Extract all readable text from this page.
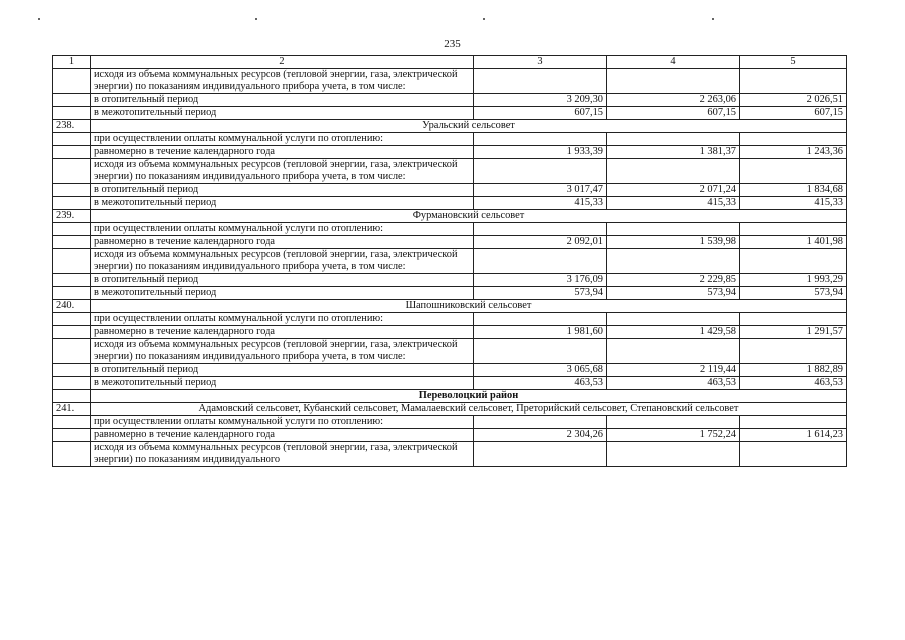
235
1	2	3	4	5
	исходя из объема коммунальных ресурсов (тепловой энергии, газа, электрической энергии) по показаниям индивидуального прибора учета, в том числе:			
	в отопительный период	3 209,30	2 263,06	2 026,51
	в межотопительный период	607,15	607,15	607,15
238.	Уральский сельсовет			
	при осуществлении оплаты коммунальной услуги по отоплению:			
	равномерно в течение календарного года	1 933,39	1 381,37	1 243,36
	исходя из объема коммунальных ресурсов (тепловой энергии, газа, электрической энергии) по показаниям индивидуального прибора учета, в том числе:			
	в отопительный период	3 017,47	2 071,24	1 834,68
	в межотопительный период	415,33	415,33	415,33
239.	Фурмановский сельсовет			
	при осуществлении оплаты коммунальной услуги по отоплению:			
	равномерно в течение календарного года	2 092,01	1 539,98	1 401,98
	исходя из объема коммунальных ресурсов (тепловой энергии, газа, электрической энергии) по показаниям индивидуального прибора учета, в том числе:			
	в отопительный период	3 176,09	2 229,85	1 993,29
	в межотопительный период	573,94	573,94	573,94
240.	Шапошниковский сельсовет			
	при осуществлении оплаты коммунальной услуги по отоплению:			
	равномерно в течение календарного года	1 981,60	1 429,58	1 291,57
	исходя из объема коммунальных ресурсов (тепловой энергии, газа, электрической энергии) по показаниям индивидуального прибора учета, в том числе:			
	в отопительный период	3 065,68	2 119,44	1 882,89
	в межотопительный период	463,53	463,53	463,53
	Переволоцкий район			
241.	Адамовский сельсовет, Кубанский сельсовет, Мамалаевский сельсовет, Преторийский сельсовет, Степановский сельсовет			
	при осуществлении оплаты коммунальной услуги по отоплению:			
	равномерно в течение календарного года	2 304,26	1 752,24	1 614,23
	исходя из объема коммунальных ресурсов (тепловой энергии, газа, электрической энергии) по показаниям индивидуального			
